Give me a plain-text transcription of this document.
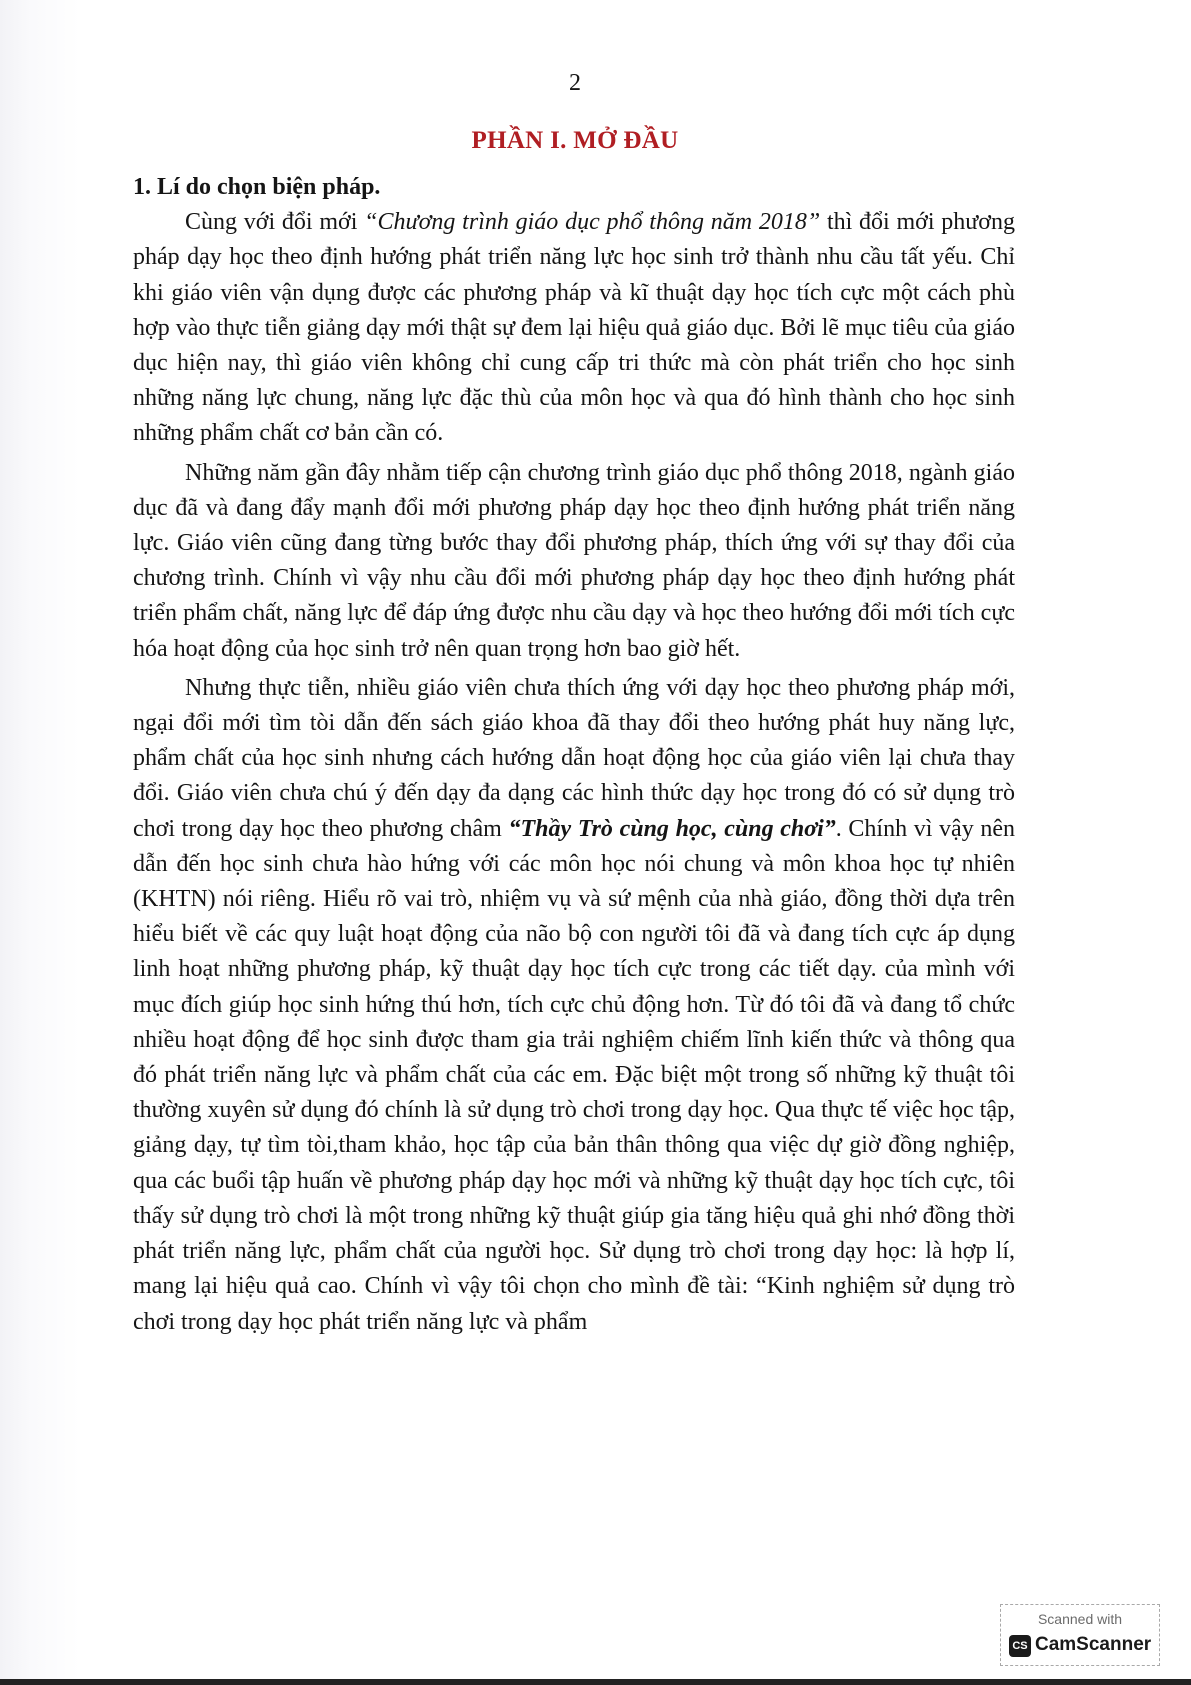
2
PHẦN I. MỞ ĐẦU

1. Lí do chọn biện pháp.

Cùng với đổi mới “Chương trình giáo dục phổ thông năm 2018” thì đổi mới phương pháp dạy học theo định hướng phát triển năng lực học sinh trở thành nhu cầu tất yếu. Chỉ khi giáo viên vận dụng được các phương pháp và kĩ thuật dạy học tích cực một cách phù hợp vào thực tiễn giảng dạy mới thật sự đem lại hiệu quả giáo dục. Bởi lẽ mục tiêu của giáo dục hiện nay, thì giáo viên không chỉ cung cấp tri thức mà còn phát triển cho học sinh những năng lực chung, năng lực đặc thù của môn học và qua đó hình thành cho học sinh những phẩm chất cơ bản cần có.

Những năm gần đây nhằm tiếp cận chương trình giáo dục phổ thông 2018, ngành giáo dục đã và đang đẩy mạnh đổi mới phương pháp dạy học theo định hướng phát triển năng lực. Giáo viên cũng đang từng bước thay đổi phương pháp, thích ứng với sự thay đổi của chương trình. Chính vì vậy nhu cầu đổi mới phương pháp dạy học theo định hướng phát triển phẩm chất, năng lực để đáp ứng được nhu cầu dạy và học theo hướng đổi mới tích cực hóa hoạt động của học sinh trở nên quan trọng hơn bao giờ hết.

Nhưng thực tiễn, nhiều giáo viên chưa thích ứng với dạy học theo phương pháp mới, ngại đổi mới tìm tòi dẫn đến sách giáo khoa đã thay đổi theo hướng phát huy năng lực, phẩm chất của học sinh nhưng cách hướng dẫn hoạt động học của giáo viên lại chưa thay đổi. Giáo viên chưa chú ý đến dạy đa dạng các hình thức dạy học trong đó có sử dụng trò chơi trong dạy học theo phương châm “Thầy Trò cùng học, cùng chơi”. Chính vì vậy nên dẫn đến học sinh chưa hào hứng với các môn học nói chung và môn khoa học tự nhiên (KHTN) nói riêng. Hiểu rõ vai trò, nhiệm vụ và sứ mệnh của nhà giáo, đồng thời dựa trên hiểu biết về các quy luật hoạt động của não bộ con người tôi đã và đang tích cực áp dụng linh hoạt những phương pháp, kỹ thuật dạy học tích cực trong các tiết dạy. của mình với mục đích giúp học sinh hứng thú hơn, tích cực chủ động hơn. Từ đó tôi đã và đang tổ chức nhiều hoạt động để học sinh được tham gia trải nghiệm chiếm lĩnh kiến thức và thông qua đó phát triển năng lực và phẩm chất của các em. Đặc biệt một trong số những kỹ thuật tôi thường xuyên sử dụng đó chính là sử dụng trò chơi trong dạy học. Qua thực tế việc học tập, giảng dạy, tự tìm tòi,tham khảo, học tập của bản thân thông qua việc dự giờ đồng nghiệp, qua các buổi tập huấn về phương pháp dạy học mới và những kỹ thuật dạy học tích cực, tôi thấy sử dụng trò chơi là một trong những kỹ thuật giúp gia tăng hiệu quả ghi nhớ đồng thời phát triển năng lực, phẩm chất của người học. Sử dụng trò chơi trong dạy học: là hợp lí, mang lại hiệu quả cao. Chính vì vậy tôi chọn cho mình đề tài: “Kinh nghiệm sử dụng trò chơi trong dạy học phát triển năng lực và phẩm

Scanned with
CS CamScanner
